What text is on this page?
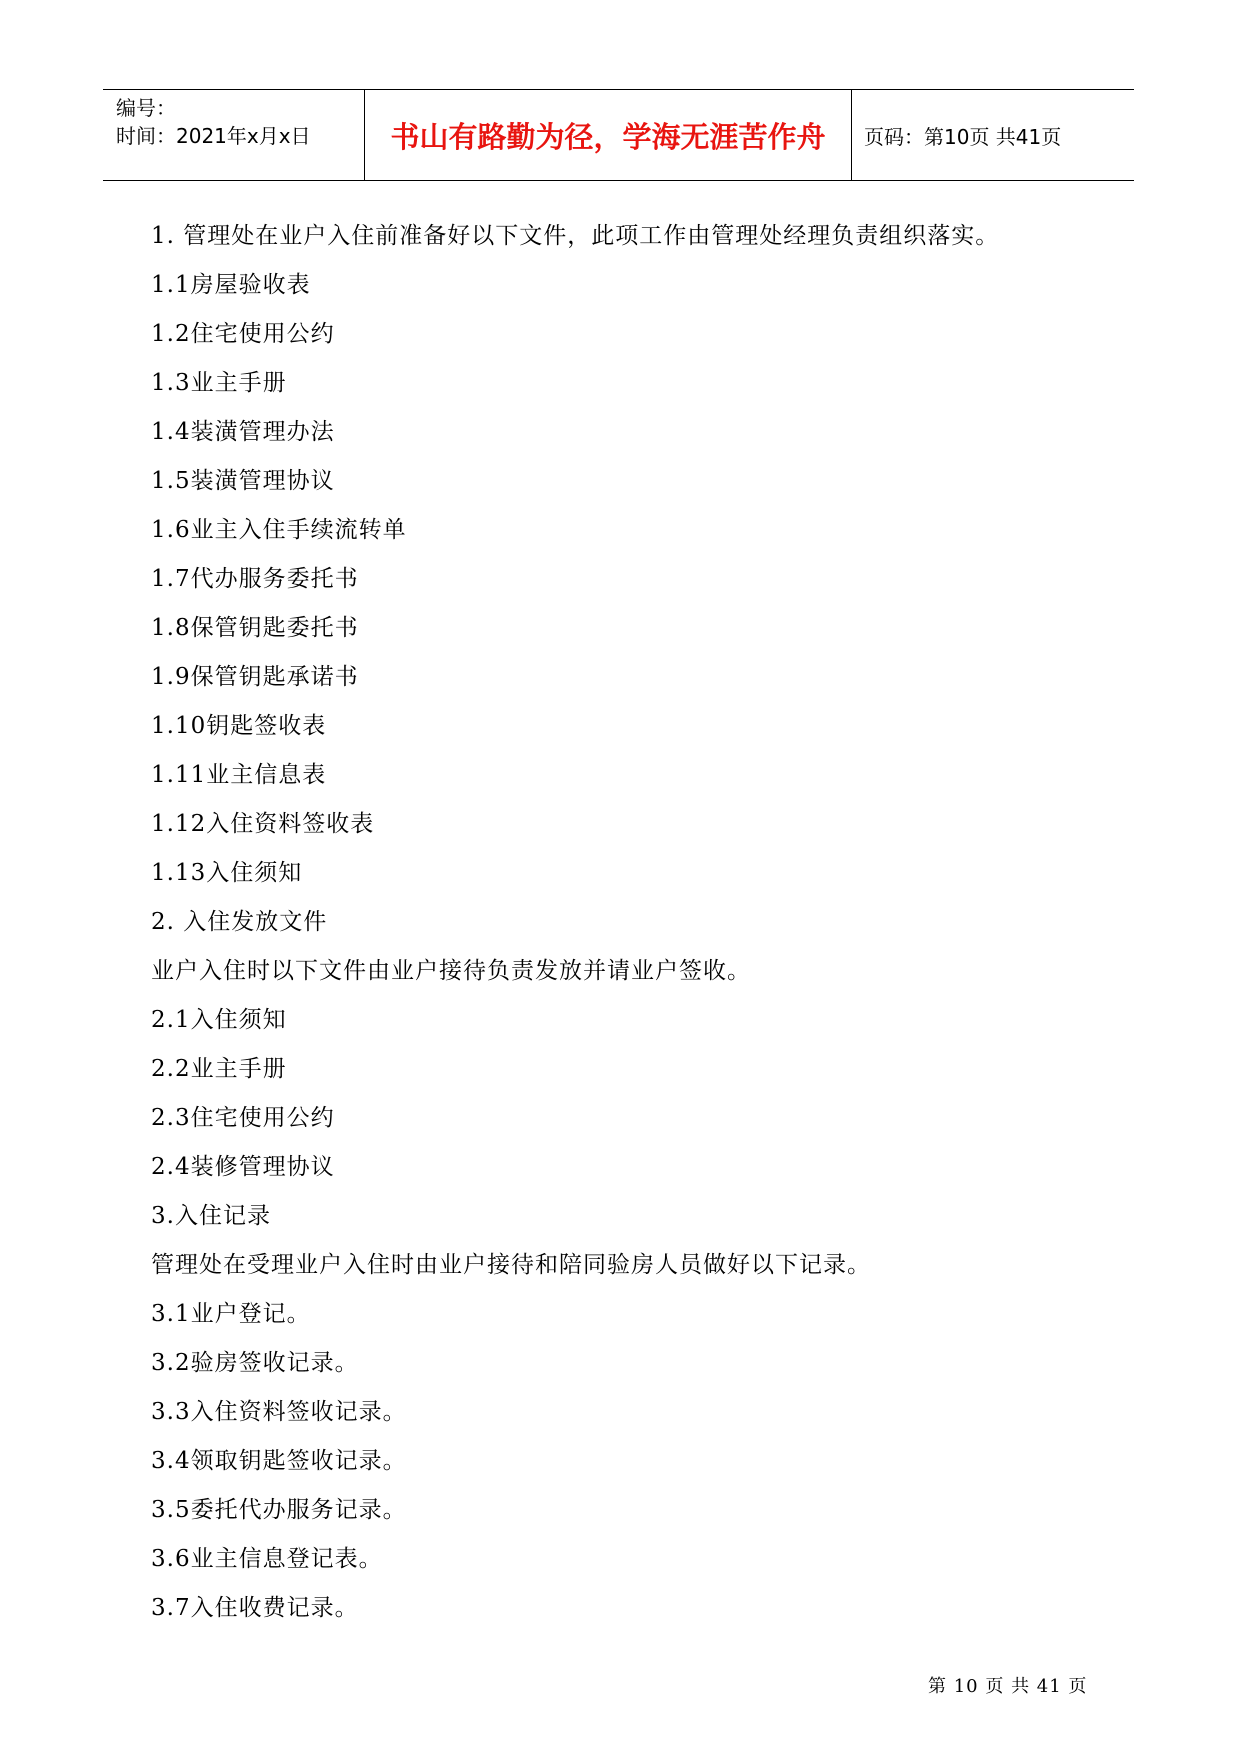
编号：
时间：2021年x月x日	书山有路勤为径，学海无涯苦作舟	页码：第10页 共41页
1. 管理处在业户入住前准备好以下文件，此项工作由管理处经理负责组织落实。
1.1房屋验收表
1.2住宅使用公约
1.3业主手册
1.4装潢管理办法
1.5装潢管理协议
1.6业主入住手续流转单
1.7代办服务委托书
1.8保管钥匙委托书
1.9保管钥匙承诺书
1.10钥匙签收表
1.11业主信息表
1.12入住资料签收表
1.13入住须知
2. 入住发放文件
业户入住时以下文件由业户接待负责发放并请业户签收。
2.1入住须知
2.2业主手册
2.3住宅使用公约
2.4装修管理协议
3.入住记录
管理处在受理业户入住时由业户接待和陪同验房人员做好以下记录。
3.1业户登记。
3.2验房签收记录。
3.3入住资料签收记录。
3.4领取钥匙签收记录。
3.5委托代办服务记录。
3.6业主信息登记表。
3.7入住收费记录。
第 10 页 共 41 页
